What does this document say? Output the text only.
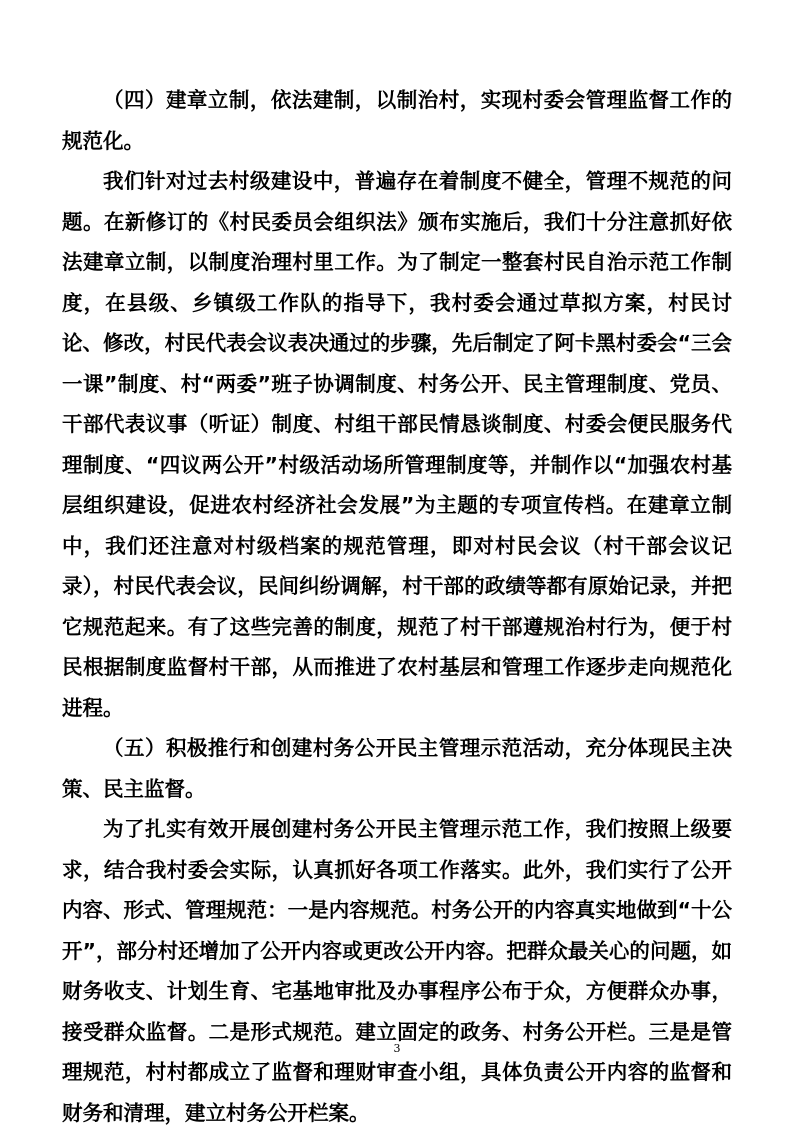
（四）建章立制，依法建制，以制治村，实现村委会管理监督工作的规范化。

我们针对过去村级建设中，普遍存在着制度不健全，管理不规范的问题。在新修订的《村民委员会组织法》颁布实施后，我们十分注意抓好依法建章立制，以制度治理村里工作。为了制定一整套村民自治示范工作制度，在县级、乡镇级工作队的指导下，我村委会通过草拟方案，村民讨论、修改，村民代表会议表决通过的步骤，先后制定了阿卡黑村委会“三会一课”制度、村“两委”班子协调制度、村务公开、民主管理制度、党员、干部代表议事（听证）制度、村组干部民情恳谈制度、村委会便民服务代理制度、“四议两公开”村级活动场所管理制度等，并制作以“加强农村基层组织建设，促进农村经济社会发展”为主题的专项宣传档。在建章立制中，我们还注意对村级档案的规范管理，即对村民会议（村干部会议记录），村民代表会议，民间纠纷调解，村干部的政绩等都有原始记录，并把它规范起来。有了这些完善的制度，规范了村干部遵规治村行为，便于村民根据制度监督村干部，从而推进了农村基层和管理工作逐步走向规范化进程。

（五）积极推行和创建村务公开民主管理示范活动，充分体现民主决策、民主监督。

为了扎实有效开展创建村务公开民主管理示范工作，我们按照上级要求，结合我村委会实际，认真抓好各项工作落实。此外，我们实行了公开内容、形式、管理规范：一是内容规范。村务公开的内容真实地做到“十公开”，部分村还增加了公开内容或更改公开内容。把群众最关心的问题，如财务收支、计划生育、宅基地审批及办事程序公布于众，方便群众办事，接受群众监督。二是形式规范。建立固定的政务、村务公开栏。三是是管理规范，村村都成立了监督和理财审查小组，具体负责公开内容的监督和财务和清理，建立村务公开栏案。

3
